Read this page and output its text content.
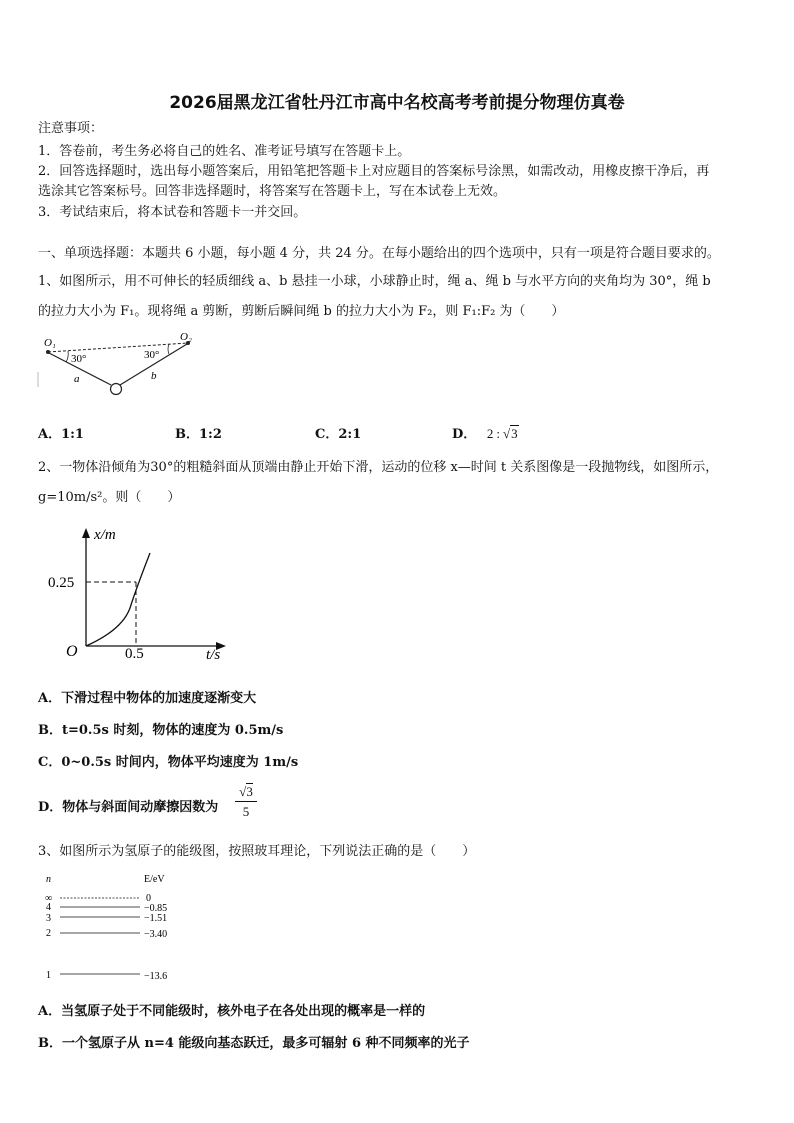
2026届黑龙江省牡丹江市高中名校高考考前提分物理仿真卷
注意事项：
1．答卷前，考生务必将自己的姓名、准考证号填写在答题卡上。
2．回答选择题时，选出每小题答案后，用铅笔把答题卡上对应题目的答案标号涂黑，如需改动，用橡皮擦干净后，再
选涂其它答案标号。回答非选择题时，将答案写在答题卡上，写在本试卷上无效。
3．考试结束后，将本试卷和答题卡一并交回。
一、单项选择题：本题共 6 小题，每小题 4 分，共 24 分。在每小题给出的四个选项中，只有一项是符合题目要求的。
1、如图所示，用不可伸长的轻质细线 a、b 悬挂一小球，小球静止时，绳 a、绳 b 与水平方向的夹角均为 30°，绳 b
的拉力大小为 F₁。现将绳 a 剪断，剪断后瞬间绳 b 的拉力大小为 F₂，则 F₁:F₂ 为（　　）
O₁	O₂
30°	30°
a	b
A．1:1	B．1:2	C．2:1	D． 2 : √3
2、一物体沿倾角为30°的粗糙斜面从顶端由静止开始下滑，运动的位移 x—时间 t 关系图像是一段抛物线，如图所示，
g=10m/s²。则（　　）
x/m
t/s
O
0.25
0.5
A．下滑过程中物体的加速度逐渐变大
B．t=0.5s 时刻，物体的速度为 0.5m/s
C．0~0.5s 时间内，物体平均速度为 1m/s
D．物体与斜面间动摩擦因数为
√3
5
3、如图所示为氢原子的能级图，按照玻耳理论，下列说法正确的是（　　）
n	E/eV
∞	0
4	−0.85
3	−1.51
2	−3.40
1	−13.6
A．当氢原子处于不同能级时，核外电子在各处出现的概率是一样的
B．一个氢原子从 n=4 能级向基态跃迁，最多可辐射 6 种不同频率的光子
